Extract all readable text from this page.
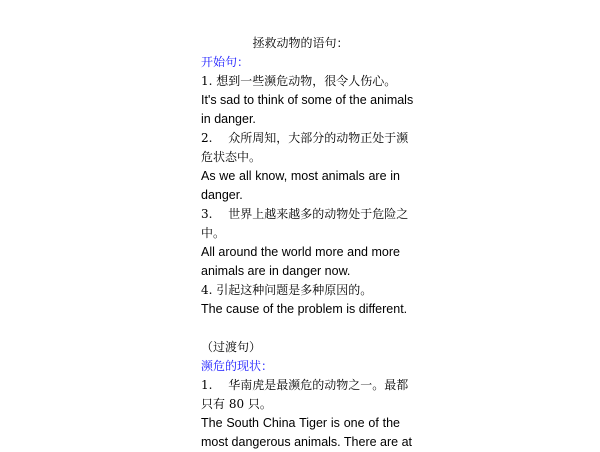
拯救动物的语句：
开始句：
1. 想到一些濒危动物，很令人伤心。
It's sad to think of some of the animals
in danger.
2.　 众所周知，大部分的动物正处于濒
危状态中。
As we all know, most animals are in
danger.
3.　 世界上越来越多的动物处于危险之
中。
All around the world more and more
animals are in danger now.
4. 引起这种问题是多种原因的。
The cause of the problem is different.
（过渡句）
濒危的现状：
1.　 华南虎是最濒危的动物之一。最都
只有 80 只。
The South China Tiger is one of the
most dangerous animals. There are at
